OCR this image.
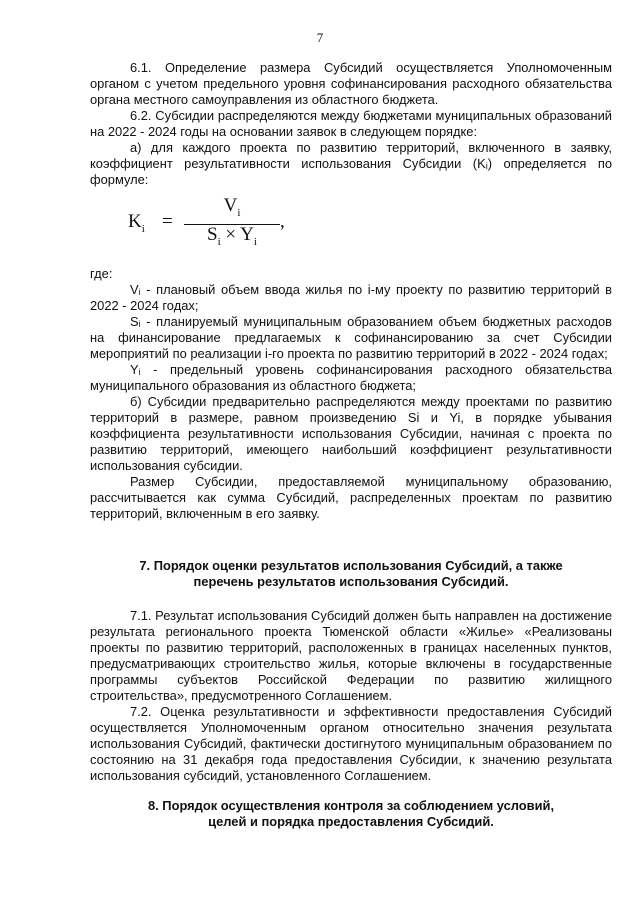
7

6.1. Определение размера Субсидий осуществляется Уполномоченным органом с учетом предельного уровня софинансирования расходного обязательства органа местного самоуправления из областного бюджета.

6.2. Субсидии распределяются между бюджетами муниципальных образований на 2022 - 2024 годы на основании заявок в следующем порядке:

а) для каждого проекта по развитию территорий, включенного в заявку, коэффициент результативности использования Субсидии (Kᵢ) определяется по

формуле:

$K_i$ =
$V_i$
$S_i \times Y_i$
,

где:

Vᵢ - плановый объем ввода жилья по i-му проекту по развитию территорий в 2022 - 2024 годах;

Sᵢ - планируемый муниципальным образованием объем бюджетных расходов на финансирование предлагаемых к софинансированию за счет Субсидии мероприятий по реализации i-го проекта по развитию территорий в 2022 - 2024 годах;

Yᵢ - предельный уровень софинансирования расходного обязательства муниципального образования из областного бюджета;

б) Субсидии предварительно распределяются между проектами по развитию территорий в размере, равном произведению Si и Yi, в порядке убывания коэффициента результативности использования Субсидии, начиная с проекта по развитию территорий, имеющего наибольший коэффициент результативности использования субсидии.

Размер Субсидии, предоставляемой муниципальному образованию, рассчитывается как сумма Субсидий, распределенных проектам по развитию территорий, включенным в его заявку.

7. Порядок оценки результатов использования Субсидий, а также

перечень результатов использования Субсидий.

7.1. Результат использования Субсидий должен быть направлен на достижение результата регионального проекта Тюменской области «Жилье» «Реализованы проекты по развитию территорий, расположенных в границах населенных пунктов, предусматривающих строительство жилья, которые включены в государственные программы субъектов Российской Федерации по развитию жилищного строительства», предусмотренного Соглашением.

7.2. Оценка результативности и эффективности предоставления Субсидий осуществляется Уполномоченным органом относительно значения результата использования Субсидий, фактически достигнутого муниципальным образованием по состоянию на 31 декабря года предоставления Субсидии, к значению результата использования субсидий, установленного Соглашением.

8. Порядок осуществления контроля за соблюдением условий,

целей и порядка предоставления Субсидий.
